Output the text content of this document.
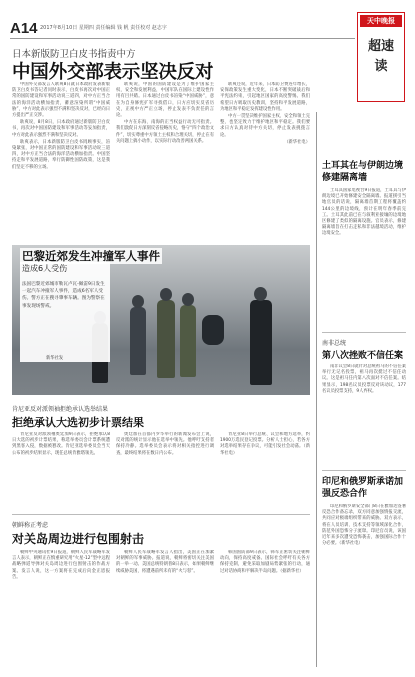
A14 2017年8月10日 星期四 责任编辑 钱 帆 责任校对 赵志宇
天中晚报
超速读
日本新版防卫白皮书指责中方
中国外交部表示坚决反对

中国外交部发言人耿爽8日就日本政府发表新版防卫白皮书答记者问时表示，白皮书再次对中国正常的国防建设和军事活动说三道四，对中方正当合法的海洋活动横加指责，蓄意渲染所谓“中国威胁”，中方对此表示强烈不满和坚决反对，已经向日方提出严正交涉。

耿爽说，8月8日，日本政府通过新版防卫白皮书，再次对中国国防建设和军事活动等妄加指责，中方对此表示强烈不满和坚决反对。

耿爽表示，日本新版防卫白皮书罔顾事实，渲染紧张，对中国正常的国防建设和军事活动说三道四，对中方正当合法的海洋活动横加指责。中国坚持走和平发展道路，奉行防御性国防政策，这是我们坚定不移的立场。

耿爽说，中国的国防建设是为了维护国家主权、安全和发展利益，中国军队在国际上建设性作用有目共睹。日本通过白皮书渲染“中国威胁”，意在为自身修宪扩军寻找借口，日方应切实反省历史，正视中方严正立场，停止发表不负责任的言论。

中方在东海、南海的正当权益行动无可指责。我们敦促日方深刻反省侵略历史，恪守“四个政治文件”，切实尊重中方领土主权和合理关切，停止在有关问题上搞小动作，以实际行动改善两国关系。

耿爽还说，近年来，日本防卫费连年增长，安保政策发生重大变化，日本不断突破战后和平宪法约束，引起地区国家的高度警惕。我们希望日方吸取历史教训，坚持和平发展道路，为地区和平稳定发挥建设性作用。

中方一贯坚决维护国家主权、安全和领土完整，也坚定致力于维护地区和平稳定。我们要求日方认真对待中方关切，停止发表挑拨言论。

（新华社电）

巴黎近郊发生冲撞军人事件
造成6人受伤
法国巴黎近郊城市勒瓦卢瓦-佩雷9日发生一起汽车冲撞军人事件，造成6名军人受伤。警方正在搜寻肇事车辆。图为警察在事发现场警戒。
新华社发
肯尼亚反对派领袖拒绝承认选举结果
拒绝承认大选初步计票结果

肯尼亚反对派领袖奥廷加9日表示，拒绝承认8日大选的初步计票结果，称选举委员会计票系统遭到黑客入侵，数据被篡改。肯尼亚选举委员会当天公布的初步结果显示，现任总统肯雅塔领先。

奥廷加在首都内罗毕举行的新闻发布会上说，反对派的统计显示他在选举中领先。他呼吁支持者保持冷静。选举委员会表示将对相关指控进行调查，最终结果将在数日内公布。

肯尼亚8日举行总统、议会和地方选举，约1900万选民登记投票。分析人士担心，若各方对选举结果存在争议，可能引发社会动荡。（新华社电）

朝鲜称正考虑
对关岛周边进行包围射击

朝鲜中央通讯社9日报道，朝鲜人民军战略军发言人表示，朝鲜正在慎重研究用“火星-12”型中远程战略弹道导弹对关岛周边进行包围射击的作战方案。发言人说，这一方案将在完成后向金正恩报告。

朝鲜人民军战略军发言人指出，美国正在加紧对朝鲜的军事威胁。报道说，朝鲜将密切关注美国的一举一动。美国总统特朗普8日表示，如果朝鲜继续威胁美国，将遭遇前所未有的“火与怒”。

韩国国防部9日表示，韩军正密切关注朝鲜动向，保持高度戒备。国际社会呼吁有关各方保持克制，避免采取加剧局势紧张的行动，通过对话协商和平解决半岛问题。（据新华社）

土耳其在与伊朗边境修建隔离墙

土耳其国家电视台9日报道，土耳其与伊朗边境已开始修建安全隔离墙。报道援引当地官员的话说，隔离墙首期工程将覆盖约144公里的边境线，预计在明年春季前完工。土耳其此前已在与叙利亚接壤的边境地区修建了类似的隔离设施。官员表示，修建隔离墙旨在打击走私和非法越境活动，维护边境安全。

南非总统
第八次挫败不信任案

南非议会8日就针对总统祖马的不信任案举行无记名投票，祖马再次挺过不信任动议。这是祖马任内第八次面对不信任案。结果显示，198名议员投票反对该动议，177名议员投票支持，9人弃权。

印尼和俄罗斯承诺加强反恐合作

印尼和俄罗斯安全部门8日在雅加达签署反恐合作备忘录，双方同意加强情报交流，共同应对极端组织带来的威胁。双方表示，将在人员培训、技术支持等领域深化合作，防范外国恐怖分子流窜。印尼官员说，该国近年来多次遭受恐怖袭击，加强国际合作十分必要。（新华社电）
